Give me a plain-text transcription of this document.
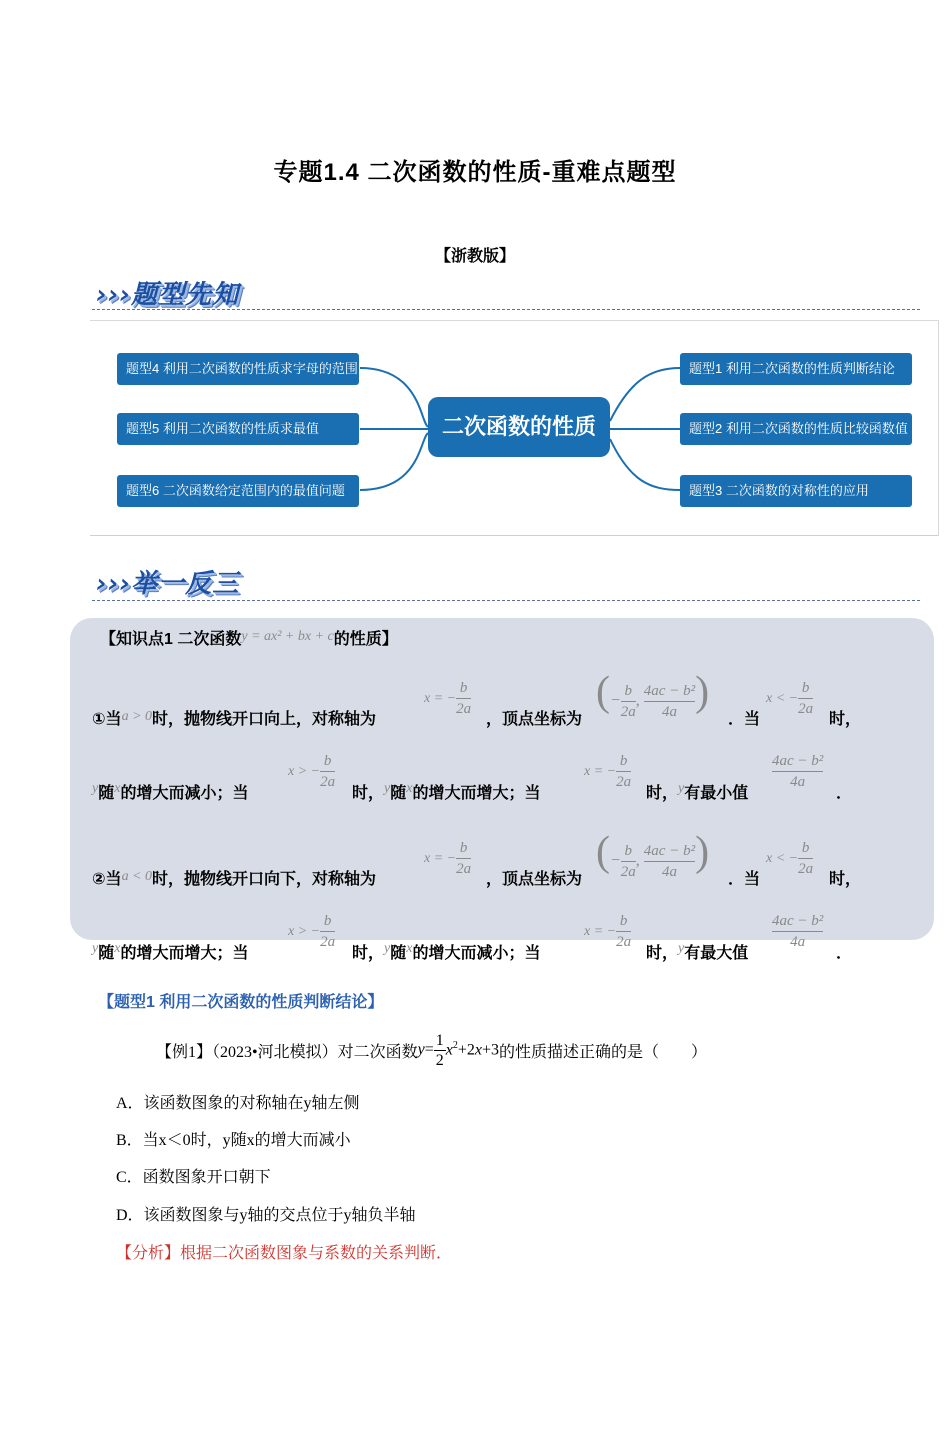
专题1.4 二次函数的性质-重难点题型
【浙教版】
›››题型先知
题型4 利用二次函数的性质求字母的范围
题型5 利用二次函数的性质求最值
题型6 二次函数给定范围内的最值问题
二次函数的性质
题型1 利用二次函数的性质判断结论
题型2 利用二次函数的性质比较函数值
题型3 二次函数的对称性的应用
›››举一反三
【知识点1 二次函数y = ax² + bx + c的性质】
①当a > 0时，抛物线开口向上，对称轴为
x = − $\frac{b}{2a}$
，顶点坐标为
(− $\frac{b}{2a}$ , $\frac{\text{4ac − b²}}{4a}$ )
．当
x < − $\frac{b}{2a}$
时，
y随x的增大而减小；当
x > − $\frac{b}{2a}$
时，y随x的增大而增大；当
x = − $\frac{b}{2a}$
时，y有最小值
$\frac{\text{4ac − b²}}{4a}$
．
②当a < 0时，抛物线开口向下，对称轴为
x = − $\frac{b}{2a}$
，顶点坐标为
(− $\frac{b}{2a}$ , $\frac{\text{4ac − b²}}{4a}$ )
．当
x < − $\frac{b}{2a}$
时，
y随x的增大而增大；当
x > − $\frac{b}{2a}$
时，y随x的增大而减小；当
x = − $\frac{b}{2a}$
时，y有最大值
$\frac{\text{4ac − b²}}{4a}$
．
【题型1 利用二次函数的性质判断结论】
【例1】（2023•河北模拟）对二次函数 y =
1
2
$x^2+2x+3$ 的性质描述正确的是（　　）
A．该函数图象的对称轴在y轴左侧
B．当x＜0时，y随x的增大而减小
C．函数图象开口朝下
D．该函数图象与y轴的交点位于y轴负半轴
【分析】根据二次函数图象与系数的关系判断．
